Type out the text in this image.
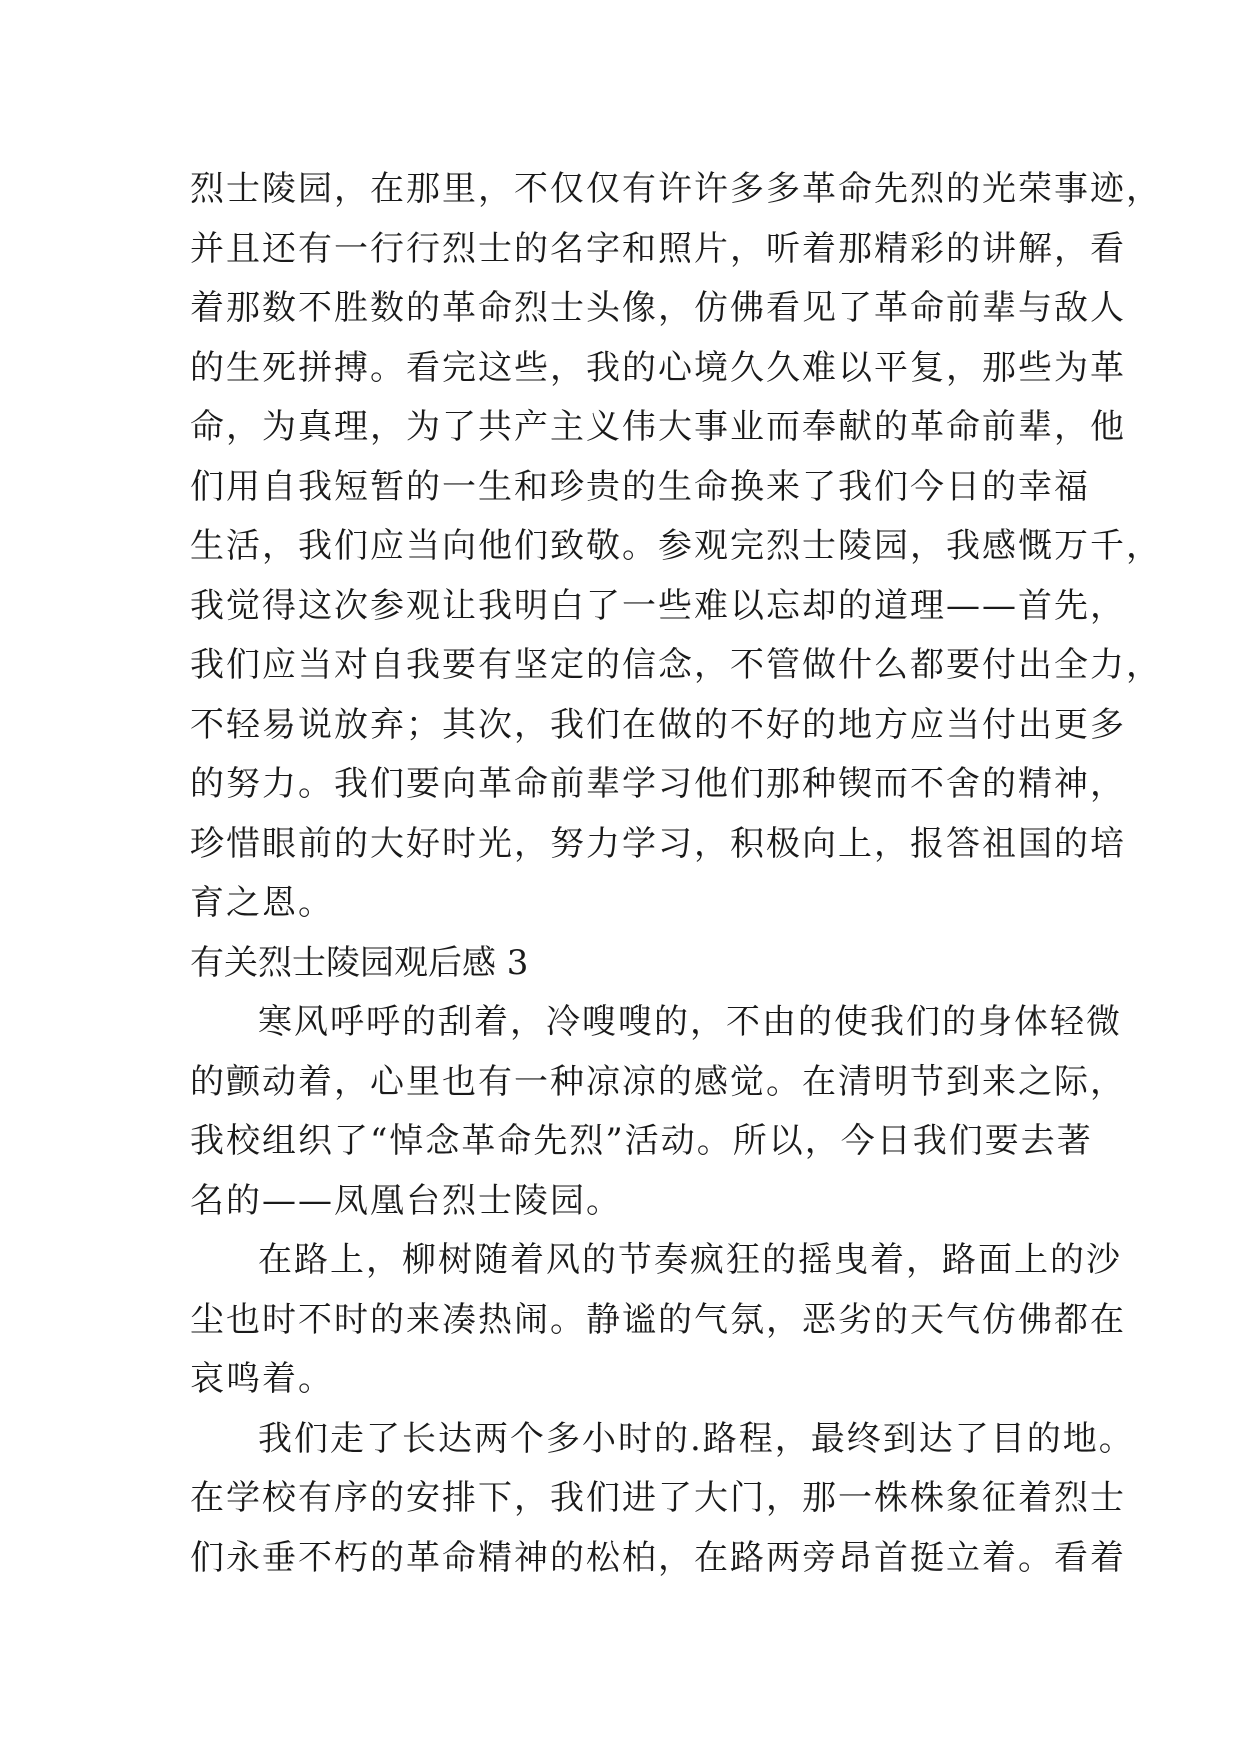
烈士陵园，在那里，不仅仅有许许多多革命先烈的光荣事迹，
并且还有一行行烈士的名字和照片，听着那精彩的讲解，看
着那数不胜数的革命烈士头像，仿佛看见了革命前辈与敌人
的生死拼搏。看完这些，我的心境久久难以平复，那些为革
命，为真理，为了共产主义伟大事业而奉献的革命前辈，他
们用自我短暂的一生和珍贵的生命换来了我们今日的幸福
生活，我们应当向他们致敬。参观完烈士陵园，我感慨万千，
我觉得这次参观让我明白了一些难以忘却的道理——首先，
我们应当对自我要有坚定的信念，不管做什么都要付出全力，
不轻易说放弃；其次，我们在做的不好的地方应当付出更多
的努力。我们要向革命前辈学习他们那种锲而不舍的精神，
珍惜眼前的大好时光，努力学习，积极向上，报答祖国的培
育之恩。
有关烈士陵园观后感 3
寒风呼呼的刮着，冷嗖嗖的，不由的使我们的身体轻微
的颤动着，心里也有一种凉凉的感觉。在清明节到来之际，
我校组织了“悼念革命先烈”活动。所以，今日我们要去著
名的——凤凰台烈士陵园。
在路上，柳树随着风的节奏疯狂的摇曳着，路面上的沙
尘也时不时的来凑热闹。静谧的气氛，恶劣的天气仿佛都在
哀鸣着。
我们走了长达两个多小时的.路程，最终到达了目的地。
在学校有序的安排下，我们进了大门，那一株株象征着烈士
们永垂不朽的革命精神的松柏，在路两旁昂首挺立着。看着
